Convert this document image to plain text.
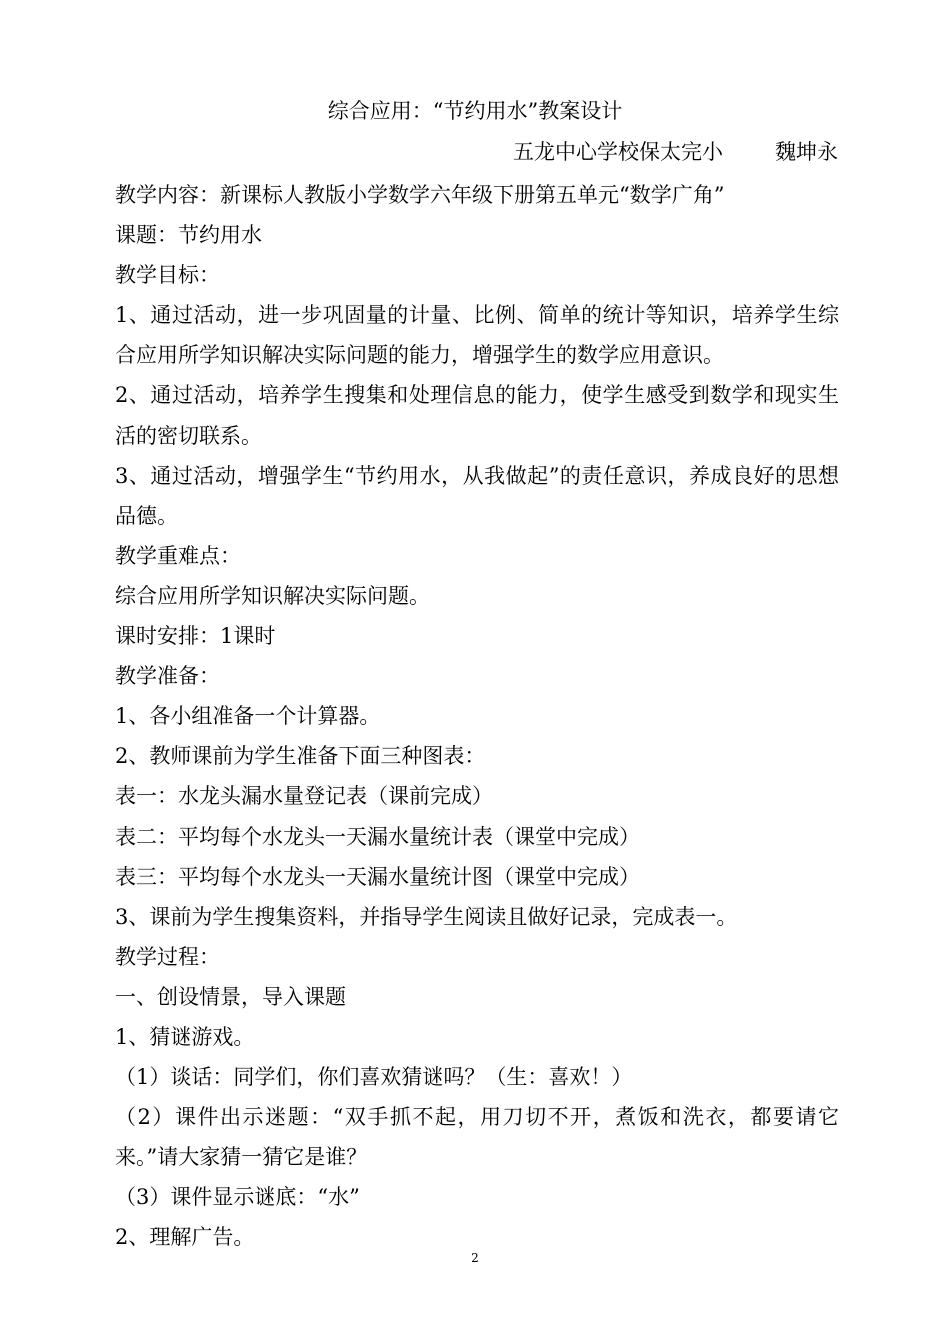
综合应用：“节约用水”教案设计
五龙中心学校保太完小 魏坤永

教学内容：新课标人教版小学数学六年级下册第五单元“数学广角”

课题：节约用水

教学目标：

1、通过活动，进一步巩固量的计量、比例、简单的统计等知识，培养学生综合应用所学知识解决实际问题的能力，增强学生的数学应用意识。

2、通过活动，培养学生搜集和处理信息的能力，使学生感受到数学和现实生活的密切联系。

3、通过活动，增强学生“节约用水，从我做起”的责任意识，养成良好的思想品德。

教学重难点：

综合应用所学知识解决实际问题。

课时安排：1课时

教学准备：

1、各小组准备一个计算器。

2、教师课前为学生准备下面三种图表：

表一：水龙头漏水量登记表（课前完成）

表二：平均每个水龙头一天漏水量统计表（课堂中完成）

表三：平均每个水龙头一天漏水量统计图（课堂中完成）

3、课前为学生搜集资料，并指导学生阅读且做好记录，完成表一。

教学过程：

一、创设情景，导入课题

1、猜谜游戏。

（1）谈话：同学们，你们喜欢猜谜吗？（生：喜欢！）

（2）课件出示迷题：“双手抓不起，用刀切不开，煮饭和洗衣，都要请它来。”请大家猜一猜它是谁？

（3）课件显示谜底：“水”

2、理解广告。

2
